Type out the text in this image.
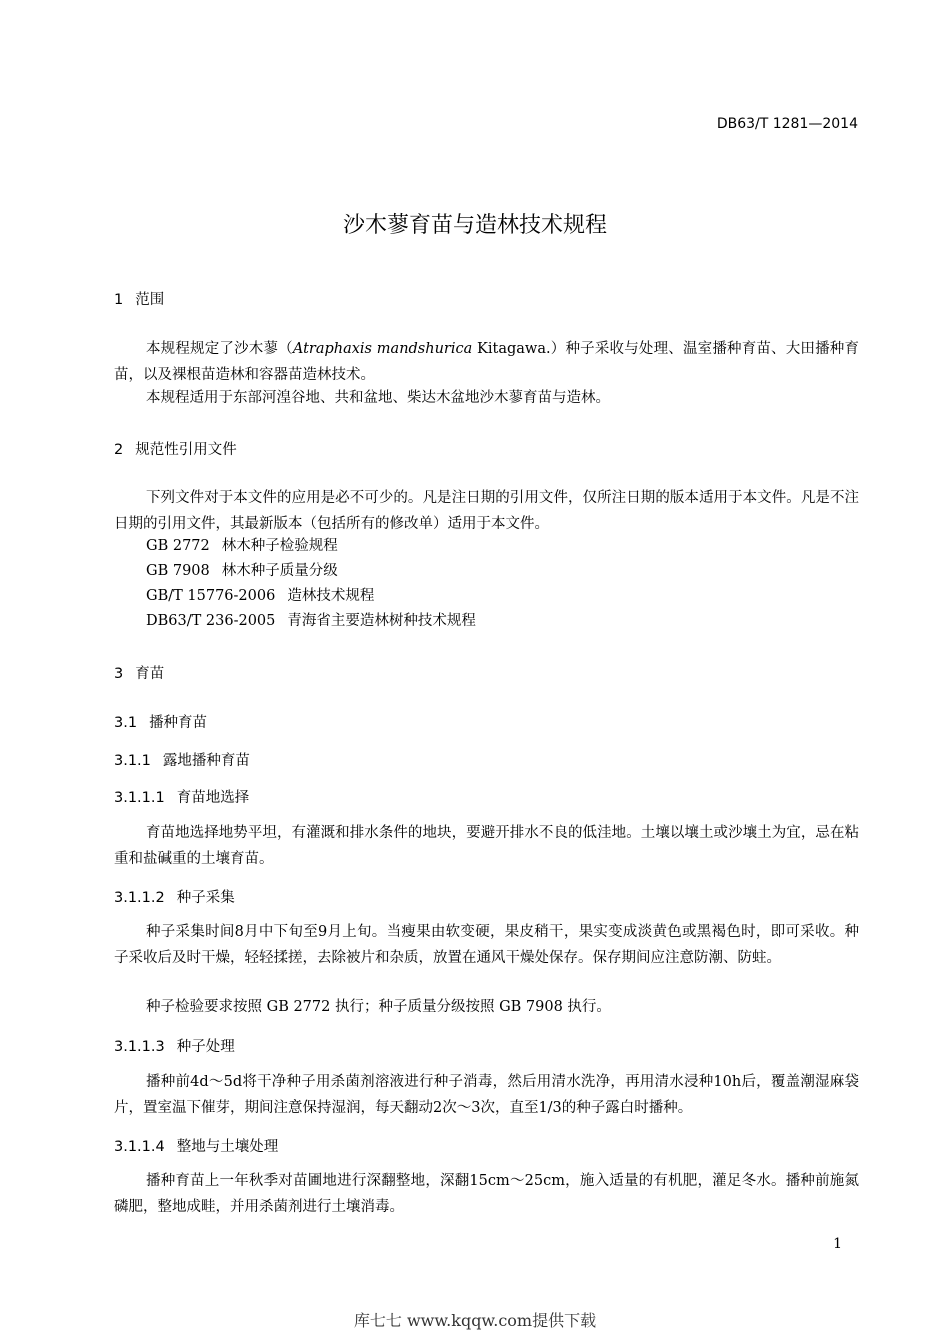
DB63/T 1281—2014
沙木蓼育苗与造林技术规程
1 范围
本规程规定了沙木蓼（Atraphaxis mandshurica Kitagawa.）种子采收与处理、温室播种育苗、大田播种育苗，以及裸根苗造林和容器苗造林技术。
本规程适用于东部河湟谷地、共和盆地、柴达木盆地沙木蓼育苗与造林。
2 规范性引用文件
下列文件对于本文件的应用是必不可少的。凡是注日期的引用文件，仅所注日期的版本适用于本文件。凡是不注日期的引用文件，其最新版本（包括所有的修改单）适用于本文件。
GB 2772 林木种子检验规程
GB 7908 林木种子质量分级
GB/T 15776-2006 造林技术规程
DB63/T 236-2005 青海省主要造林树种技术规程
3 育苗
3.1 播种育苗
3.1.1 露地播种育苗
3.1.1.1 育苗地选择
育苗地选择地势平坦，有灌溉和排水条件的地块，要避开排水不良的低洼地。土壤以壤土或沙壤土为宜，忌在粘重和盐碱重的土壤育苗。
3.1.1.2 种子采集
种子采集时间8月中下旬至9月上旬。当瘦果由软变硬，果皮稍干，果实变成淡黄色或黑褐色时，即可采收。种子采收后及时干燥，轻轻揉搓，去除被片和杂质，放置在通风干燥处保存。保存期间应注意防潮、防蛀。
种子检验要求按照 GB 2772 执行；种子质量分级按照 GB 7908 执行。
3.1.1.3 种子处理
播种前4d～5d将干净种子用杀菌剂溶液进行种子消毒，然后用清水洗净，再用清水浸种10h后，覆盖潮湿麻袋片，置室温下催芽，期间注意保持湿润，每天翻动2次～3次，直至1/3的种子露白时播种。
3.1.1.4 整地与土壤处理
播种育苗上一年秋季对苗圃地进行深翻整地，深翻15cm～25cm，施入适量的有机肥，灌足冬水。播种前施氮磷肥，整地成畦，并用杀菌剂进行土壤消毒。
1
库七七 www.kqqw.com提供下载
